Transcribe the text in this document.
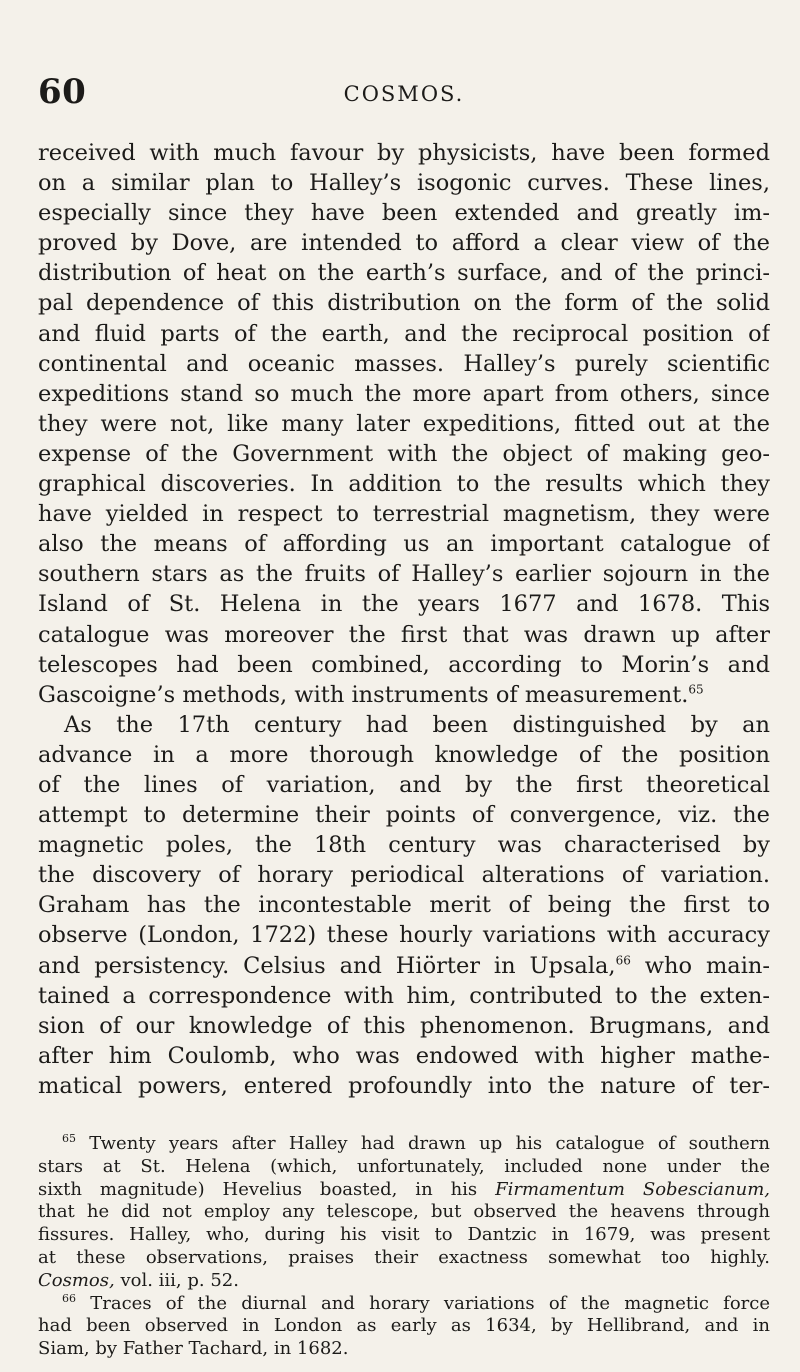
60	COSMOS.
received with much favour by physicists, have been formed
on a similar plan to Halley’s isogonic curves. These lines,
especially since they have been extended and greatly im-
proved by Dove, are intended to afford a clear view of the
distribution of heat on the earth’s surface, and of the princi-
pal dependence of this distribution on the form of the solid
and fluid parts of the earth, and the reciprocal position of
continental and oceanic masses. Halley’s purely scientific
expeditions stand so much the more apart from others, since
they were not, like many later expeditions, fitted out at the
expense of the Government with the object of making geo-
graphical discoveries. In addition to the results which they
have yielded in respect to terrestrial magnetism, they were
also the means of affording us an important catalogue of
southern stars as the fruits of Halley’s earlier sojourn in the
Island of St. Helena in the years 1677 and 1678. This
catalogue was moreover the first that was drawn up after
telescopes had been combined, according to Morin’s and
Gascoigne’s methods, with instruments of measurement.$^{65}$
As the 17th century had been distinguished by an
advance in a more thorough knowledge of the position
of the lines of variation, and by the first theoretical
attempt to determine their points of convergence, viz. the
magnetic poles, the 18th century was characterised by
the discovery of horary periodical alterations of variation.
Graham has the incontestable merit of being the first to
observe (London, 1722) these hourly variations with accuracy
and persistency. Celsius and Hiörter in Upsala,$^{66}$ who main-
tained a correspondence with him, contributed to the exten-
sion of our knowledge of this phenomenon. Brugmans, and
after him Coulomb, who was endowed with higher mathe-
matical powers, entered profoundly into the nature of ter-
$^{65}$ Twenty years after Halley had drawn up his catalogue of southern
stars at St. Helena (which, unfortunately, included none under the
sixth magnitude) Hevelius boasted, in his Firmamentum Sobescianum,
that he did not employ any telescope, but observed the heavens through
fissures. Halley, who, during his visit to Dantzic in 1679, was present
at these observations, praises their exactness somewhat too highly.
Cosmos, vol. iii, p. 52.
$^{66}$ Traces of the diurnal and horary variations of the magnetic force
had been observed in London as early as 1634, by Hellibrand, and in
Siam, by Father Tachard, in 1682.
